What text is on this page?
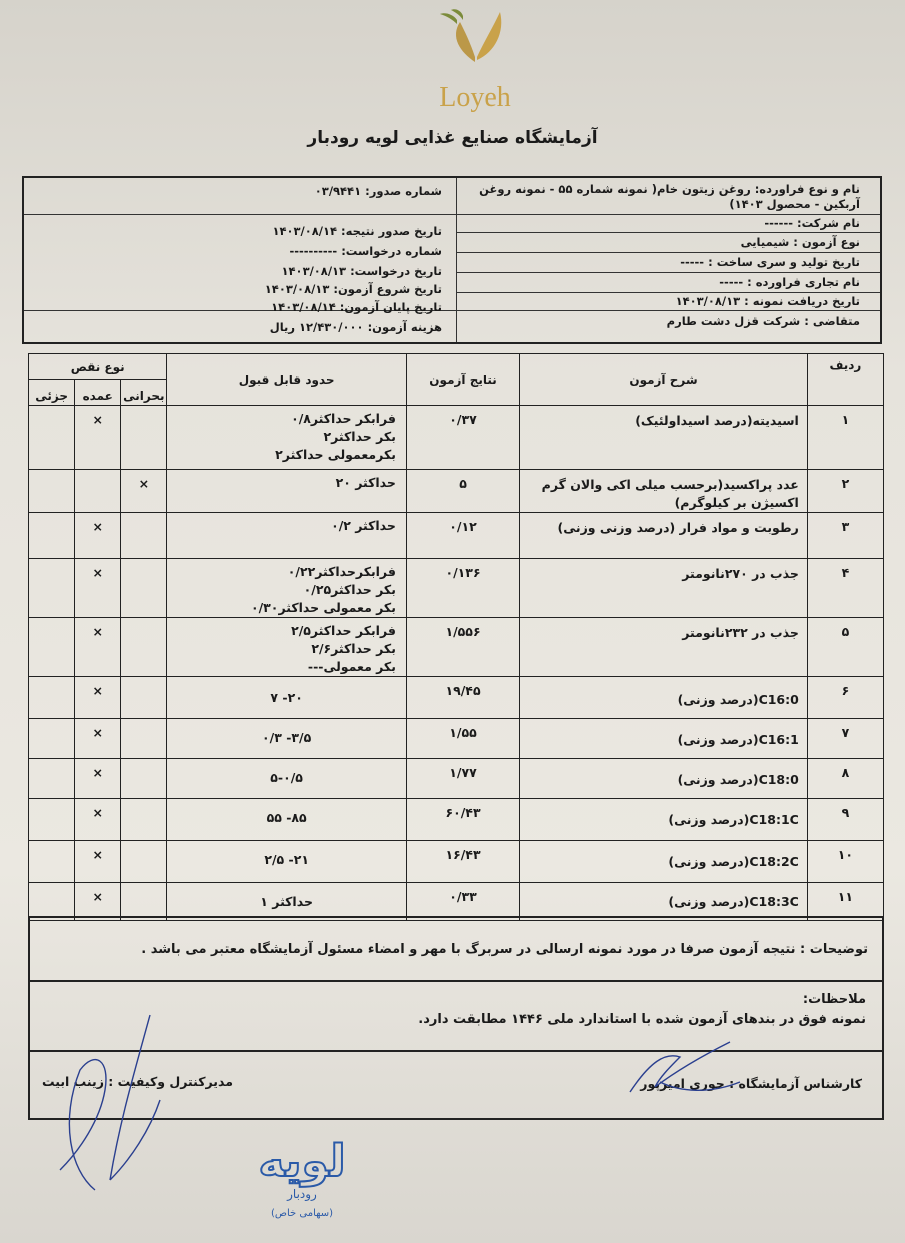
Loyeh
آزمایشگاه صنایع غذایی لویه رودبار
نام و نوع فراورده: روغن زیتون خام( نمونه شماره ۵۵ - نمونه روغن آربکین - محصول ۱۴۰۳)
نام شرکت: ------
نوع آزمون : شیمیایی
تاریخ تولید و سری ساخت : -----
نام تجاری فراورده : -----
تاریخ دریافت نمونه : ۱۴۰۳/۰۸/۱۳
متقاضی : شرکت قزل دشت طارم
شماره صدور: ۰۳/۹۴۴۱
تاریخ صدور نتیجه: ۱۴۰۳/۰۸/۱۴
شماره درخواست: ----------
تاریخ درخواست: ۱۴۰۳/۰۸/۱۳
تاریخ شروع آزمون: ۱۴۰۳/۰۸/۱۳
تاریخ پایان آزمون: ۱۴۰۳/۰۸/۱۴
هزینه آزمون: ۱۲/۴۳۰/۰۰۰ ریال
ردیف	شرح آزمون	نتایج آزمون	حدود قابل قبول	نوع نقص		
				بحرانی	عمده	جزئی
۱	اسیدیته(درصد اسیداولئیک)	۰/۳۷	فرابکر حداکثر۰/۸
بکر حداکثر۲
بکرمعمولی حداکثر۲		×	
۲	عدد پراکسید(برحسب میلی اکی والان گرم اکسیژن بر کیلوگرم)	۵	حداکثر ۲۰	×		
۳	رطوبت و مواد فرار (درصد وزنی وزنی)	۰/۱۲	حداکثر ۰/۲		×	
۴	جذب در ۲۷۰نانومتر	۰/۱۳۶	فرابکرحداکثر۰/۲۲
بکر حداکثر۰/۲۵
بکر معمولی حداکثر۰/۳۰		×	
۵	جذب در ۲۳۲نانومتر	۱/۵۵۶	فرابکر حداکثر۲/۵
بکر حداکثر۲/۶
بکر معمولی---		×	
۶	C16:0(درصد وزنی)	۱۹/۴۵	۲۰- ۷		×	
۷	C16:1(درصد وزنی)	۱/۵۵	۳/۵- ۰/۳		×	
۸	C18:0(درصد وزنی)	۱/۷۷	۵-۰/۵		×	
۹	C18:1C(درصد وزنی)	۶۰/۴۳	۸۵- ۵۵		×	
۱۰	C18:2C(درصد وزنی)	۱۶/۴۳	۲۱- ۲/۵		×	
۱۱	C18:3C(درصد وزنی)	۰/۳۳	حداکثر ۱		×	
توضیحات : نتیجه آزمون صرفا در مورد نمونه ارسالی در سربرگ با مهر و امضاء مسئول آزمایشگاه معتبر می باشد .
ملاحظات:
نمونه فوق در بندهای آزمون شده با استاندارد ملی ۱۴۴۶ مطابقت دارد.
کارشناس آزمایشگاه : حوری امیرپور
مدیرکنترل وکیفیت : زینب ابیت
لویه
رودبار
(سهامی خاص)
